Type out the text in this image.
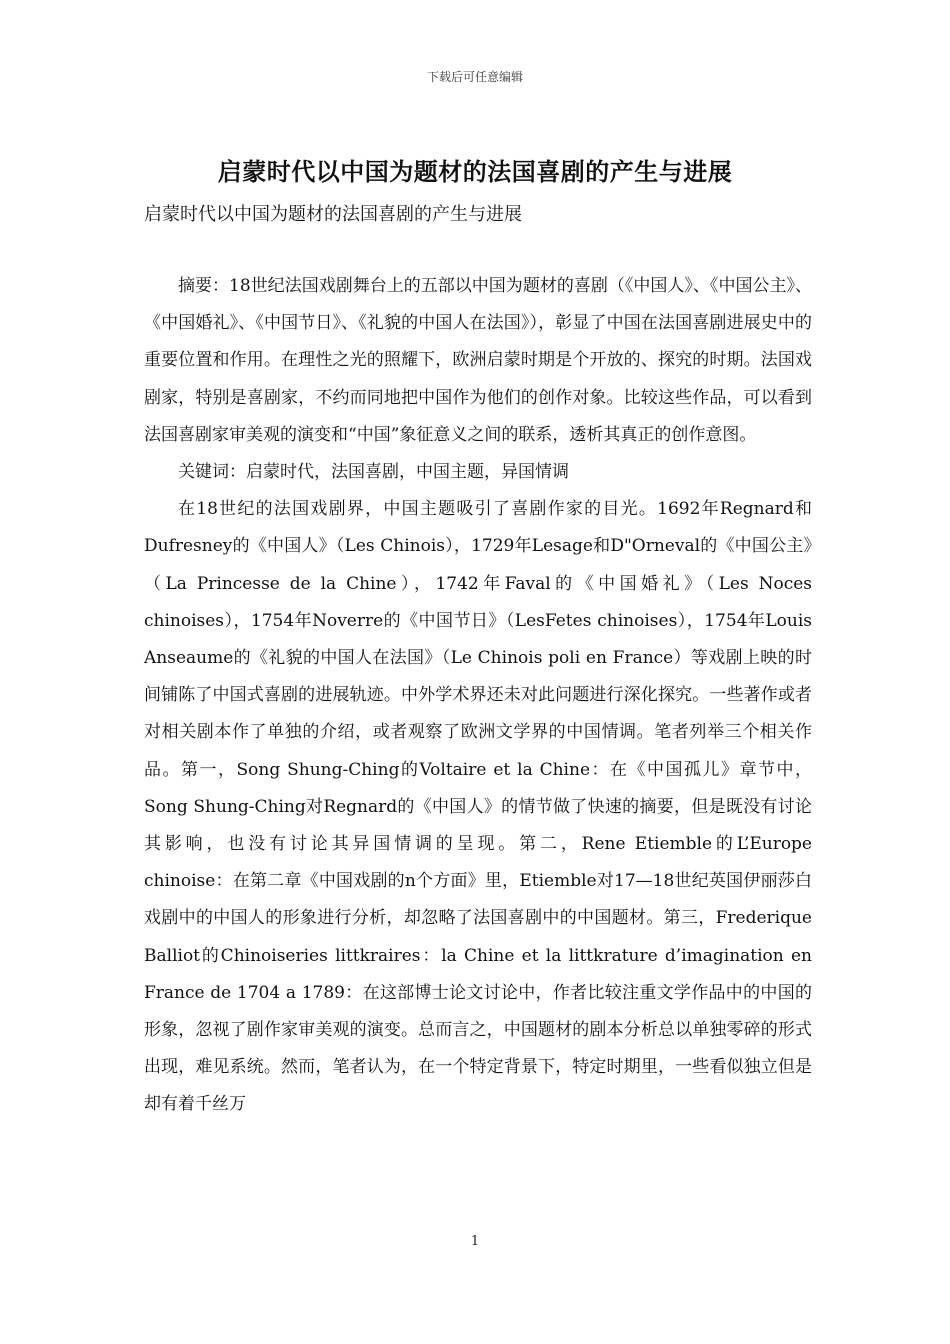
下载后可任意编辑
启蒙时代以中国为题材的法国喜剧的产生与进展

启蒙时代以中国为题材的法国喜剧的产生与进展

摘要：18世纪法国戏剧舞台上的五部以中国为题材的喜剧（《中国人》、《中国公主》、《中国婚礼》、《中国节日》、《礼貌的中国人在法国》），彰显了中国在法国喜剧进展史中的重要位置和作用。在理性之光的照耀下，欧洲启蒙时期是个开放的、探究的时期。法国戏剧家，特别是喜剧家，不约而同地把中国作为他们的创作对象。比较这些作品，可以看到法国喜剧家审美观的演变和“中国”象征意义之间的联系，透析其真正的创作意图。

关键词：启蒙时代，法国喜剧，中国主题，异国情调

在18世纪的法国戏剧界，中国主题吸引了喜剧作家的目光。1692年Regnard和Dufresney的《中国人》（Les Chinois），1729年Lesage和D"Orneval的《中国公主》（La Princesse de la Chine），1742年Faval的《中国婚礼》（Les Noces chinoises），1754年Noverre的《中国节日》（LesFetes chinoises），1754年Louis Anseaume的《礼貌的中国人在法国》（Le Chinois poli en France）等戏剧上映的时间铺陈了中国式喜剧的进展轨迹。中外学术界还未对此问题进行深化探究。一些著作或者对相关剧本作了单独的介绍，或者观察了欧洲文学界的中国情调。笔者列举三个相关作品。第一，Song Shung-Ching的Voltaire et la Chine：在《中国孤儿》章节中，Song Shung-Ching对Regnard的《中国人》的情节做了快速的摘要，但是既没有讨论其影响，也没有讨论其异国情调的呈现。第二，Rene Etiemble的L’Europe chinoise：在第二章《中国戏剧的n个方面》里，Etiemble对17—18世纪英国伊丽莎白戏剧中的中国人的形象进行分析，却忽略了法国喜剧中的中国题材。第三，Frederique Balliot的Chinoiseries littkraires：la Chine et la littkrature d’imagination en France de 1704 a 1789：在这部博士论文讨论中，作者比较注重文学作品中的中国的形象，忽视了剧作家审美观的演变。总而言之，中国题材的剧本分析总以单独零碎的形式出现，难见系统。然而，笔者认为，在一个特定背景下，特定时期里，一些看似独立但是却有着千丝万

1
